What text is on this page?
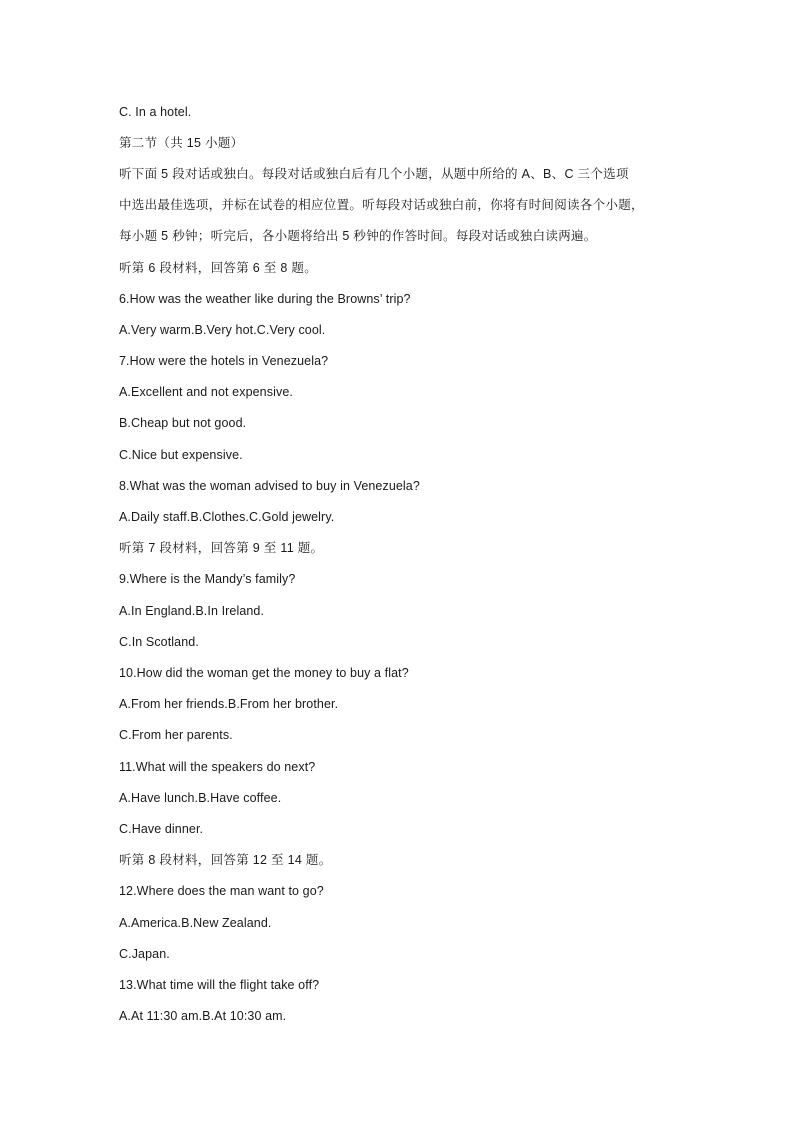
C. In a hotel.
第二节（共 15 小题）
听下面 5 段对话或独白。每段对话或独白后有几个小题，从题中所给的 A、B、C 三个选项
中选出最佳选项，并标在试卷的相应位置。听每段对话或独白前，你将有时间阅读各个小题，
每小题 5 秒钟；听完后，各小题将给出 5 秒钟的作答时间。每段对话或独白读两遍。
听第 6 段材料，回答第 6 至 8 题。
6.How was the weather like during the Browns’ trip?
A.Very warm.B.Very hot.C.Very cool.
7.How were the hotels in Venezuela?
A.Excellent and not expensive.
B.Cheap but not good.
C.Nice but expensive.
8.What was the woman advised to buy in Venezuela?
A.Daily staff.B.Clothes.C.Gold jewelry.
听第 7 段材料，回答第 9 至 11 题。
9.Where is the Mandy’s family?
A.In England.B.In Ireland.
C.In Scotland.
10.How did the woman get the money to buy a flat?
A.From her friends.B.From her brother.
C.From her parents.
11.What will the speakers do next?
A.Have lunch.B.Have coffee.
C.Have dinner.
听第 8 段材料，回答第 12 至 14 题。
12.Where does the man want to go?
A.America.B.New Zealand.
C.Japan.
13.What time will the flight take off?
A.At 11:30 am.B.At 10:30 am.
